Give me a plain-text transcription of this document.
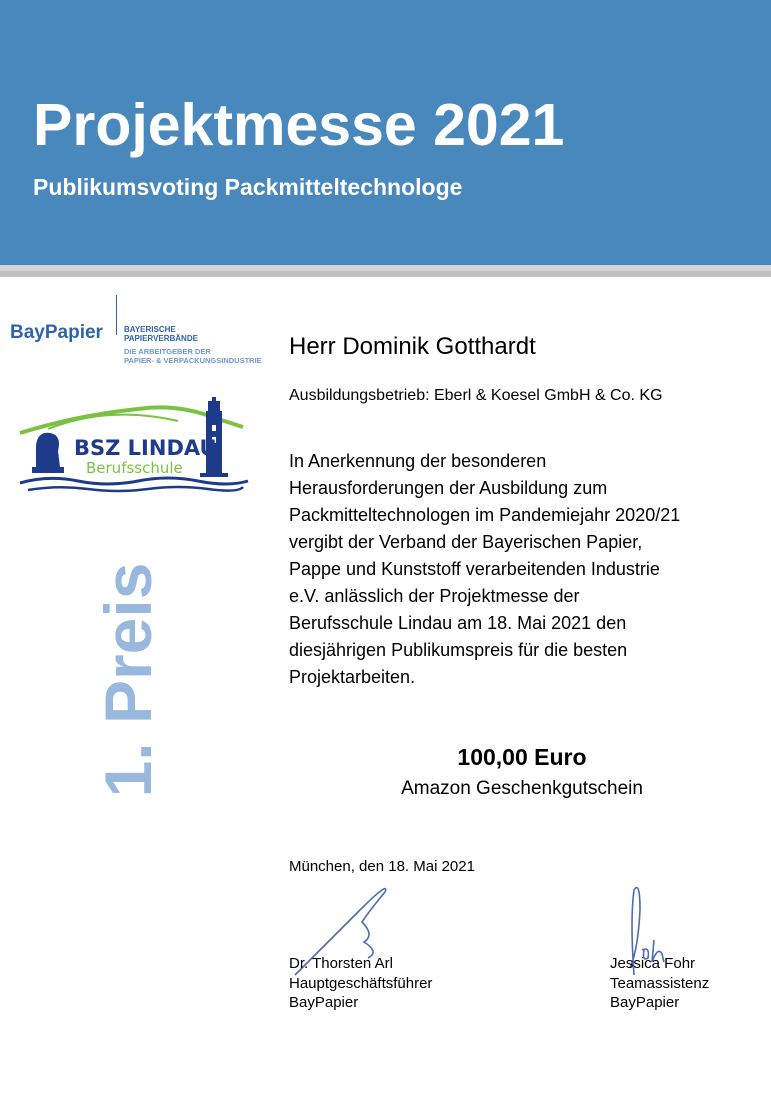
Projektmesse 2021
Publikumsvoting Packmitteltechnologe
BayPapier	BAYERISCHE
PAPIERVERBÄNDE
DIE ARBEITGEBER DER
PAPIER- & VERPACKUNGSINDUSTRIE
BSZ LINDAU
Berufsschule
1. Preis
Herr Dominik Gotthardt
Ausbildungsbetrieb: Eberl & Koesel GmbH & Co. KG
In Anerkennung der besonderen
Herausforderungen der Ausbildung zum
Packmitteltechnologen im Pandemiejahr 2020/21
vergibt der Verband der Bayerischen Papier,
Pappe und Kunststoff verarbeitenden Industrie
e.V. anlässlich der Projektmesse der
Berufsschule Lindau am 18. Mai 2021 den
diesjährigen Publikumspreis für die besten
Projektarbeiten.
100,00 Euro
Amazon Geschenkgutschein
München, den 18. Mai 2021
Dr. Thorsten Arl
Hauptgeschäftsführer
BayPapier
Jessica Fohr
Teamassistenz
BayPapier
